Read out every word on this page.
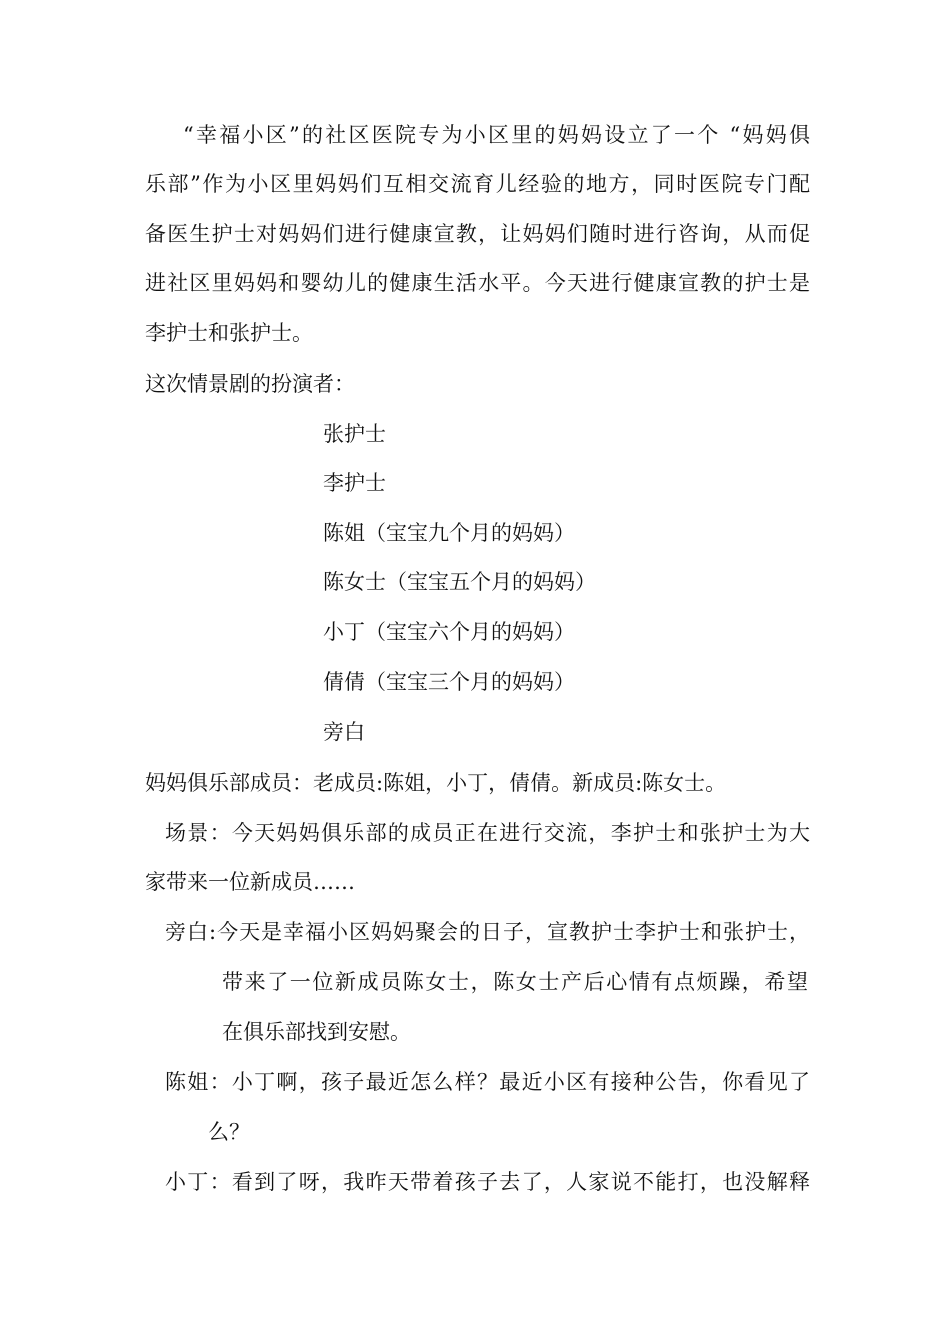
“幸福小区”的社区医院专为小区里的妈妈设立了一个 “妈妈俱
乐部”作为小区里妈妈们互相交流育儿经验的地方，同时医院专门配
备医生护士对妈妈们进行健康宣教，让妈妈们随时进行咨询，从而促
进社区里妈妈和婴幼儿的健康生活水平。今天进行健康宣教的护士是
李护士和张护士。
这次情景剧的扮演者：
张护士
李护士
陈姐（宝宝九个月的妈妈）
陈女士（宝宝五个月的妈妈）
小丁（宝宝六个月的妈妈）
倩倩（宝宝三个月的妈妈）
旁白
妈妈俱乐部成员：老成员:陈姐，小丁，倩倩。新成员:陈女士。
场景：今天妈妈俱乐部的成员正在进行交流，李护士和张护士为大
家带来一位新成员……
旁白:今天是幸福小区妈妈聚会的日子，宣教护士李护士和张护士，
带来了一位新成员陈女士，陈女士产后心情有点烦躁，希望
在俱乐部找到安慰。
陈姐：小丁啊，孩子最近怎么样？最近小区有接种公告，你看见了
么？
小丁：看到了呀，我昨天带着孩子去了，人家说不能打，也没解释
